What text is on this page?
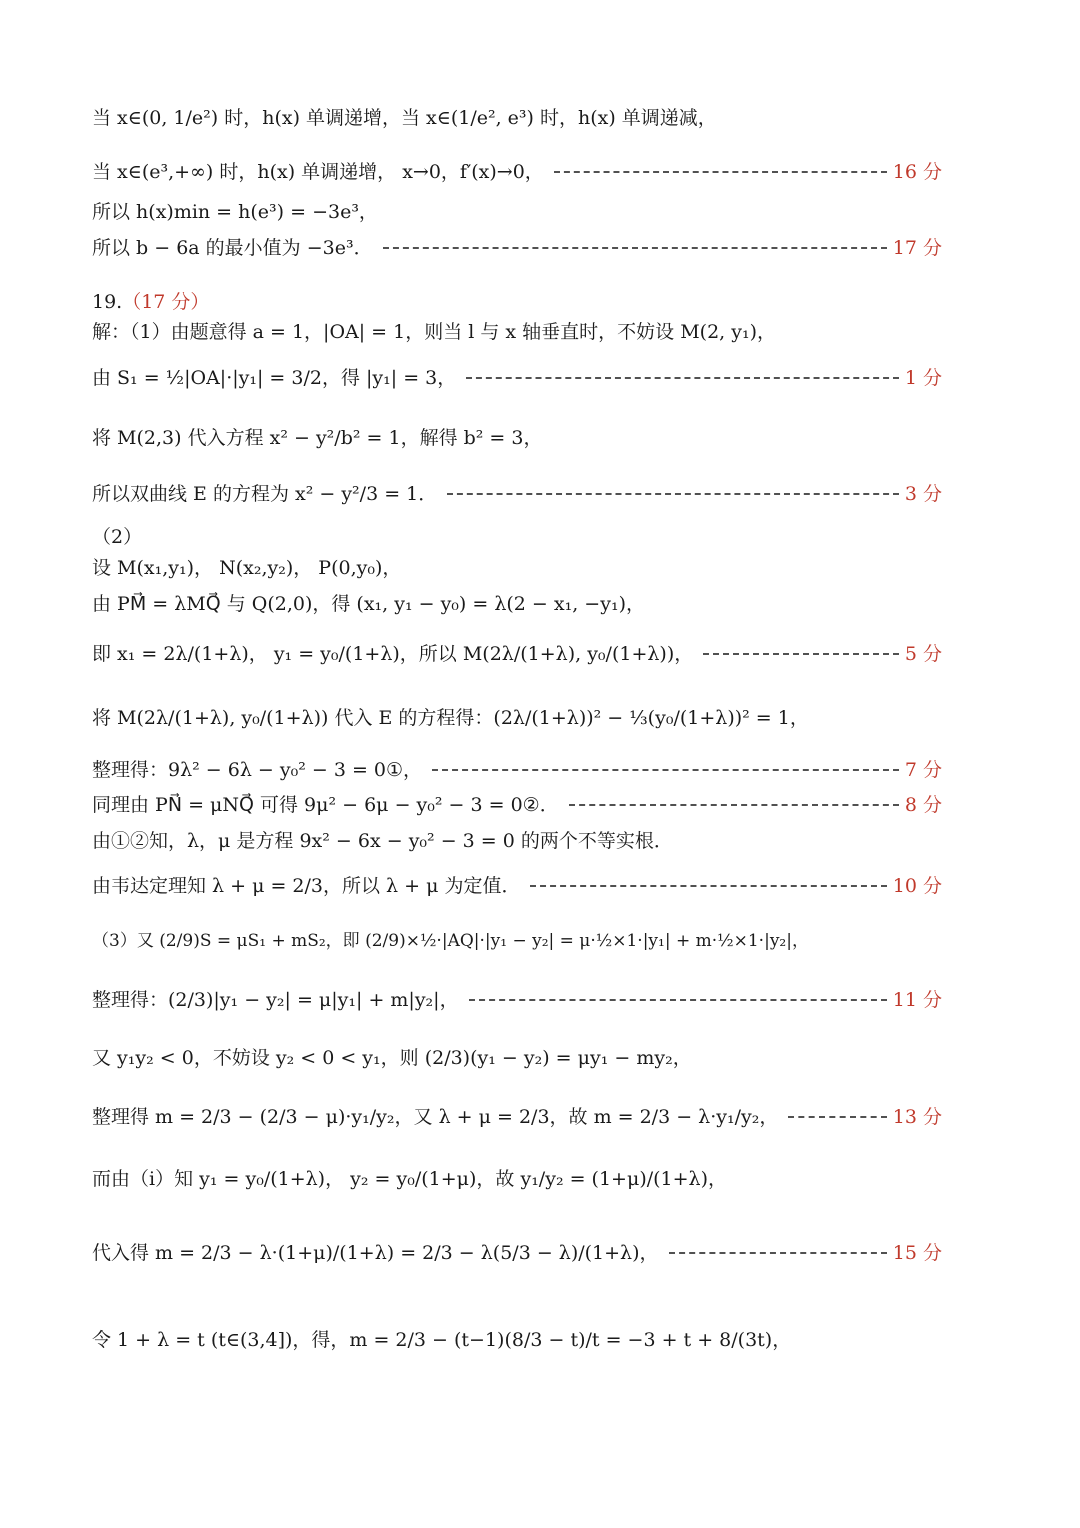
当 x∈(0, 1/e²) 时，h(x) 单调递增，当 x∈(1/e², e³) 时，h(x) 单调递减，
当 x∈(e³,+∞) 时，h(x) 单调递增， x→0，f′(x)→0，	16 分
所以 h(x)min = h(e³) = −3e³，
所以 b − 6a 的最小值为 −3e³．	17 分
19. （17 分）
解：（1）由题意得 a = 1，|OA| = 1，则当 l 与 x 轴垂直时，不妨设 M(2, y₁)，
由 S₁ = ½|OA|·|y₁| = 3/2，得 |y₁| = 3，	1 分
将 M(2,3) 代入方程 x² − y²/b² = 1，解得 b² = 3，
所以双曲线 E 的方程为 x² − y²/3 = 1．	3 分
（2）
设 M(x₁,y₁)， N(x₂,y₂)， P(0,y₀)，
由 PM⃗ = λMQ⃗ 与 Q(2,0)，得 (x₁, y₁ − y₀) = λ(2 − x₁, −y₁)，
即 x₁ = 2λ/(1+λ)， y₁ = y₀/(1+λ)，所以 M(2λ/(1+λ), y₀/(1+λ))，	5 分
将 M(2λ/(1+λ), y₀/(1+λ)) 代入 E 的方程得：(2λ/(1+λ))² − ⅓(y₀/(1+λ))² = 1，
整理得：9λ² − 6λ − y₀² − 3 = 0①，	7 分
同理由 PN⃗ = μNQ⃗ 可得 9μ² − 6μ − y₀² − 3 = 0②．	8 分
由①②知，λ，μ 是方程 9x² − 6x − y₀² − 3 = 0 的两个不等实根．
由韦达定理知 λ + μ = 2/3，所以 λ + μ 为定值．	10 分
（3）又 (2/9)S = μS₁ + mS₂，即 (2/9)×½·|AQ|·|y₁ − y₂| = μ·½×1·|y₁| + m·½×1·|y₂|，
整理得：(2/3)|y₁ − y₂| = μ|y₁| + m|y₂|，	11 分
又 y₁y₂ < 0，不妨设 y₂ < 0 < y₁，则 (2/3)(y₁ − y₂) = μy₁ − my₂，
整理得 m = 2/3 − (2/3 − μ)·y₁/y₂，又 λ + μ = 2/3，故 m = 2/3 − λ·y₁/y₂，	13 分
而由（i）知 y₁ = y₀/(1+λ)， y₂ = y₀/(1+μ)，故 y₁/y₂ = (1+μ)/(1+λ)，
代入得 m = 2/3 − λ·(1+μ)/(1+λ) = 2/3 − λ(5/3 − λ)/(1+λ)，	15 分
令 1 + λ = t (t∈(3,4])，得，m = 2/3 − (t−1)(8/3 − t)/t = −3 + t + 8/(3t)，
